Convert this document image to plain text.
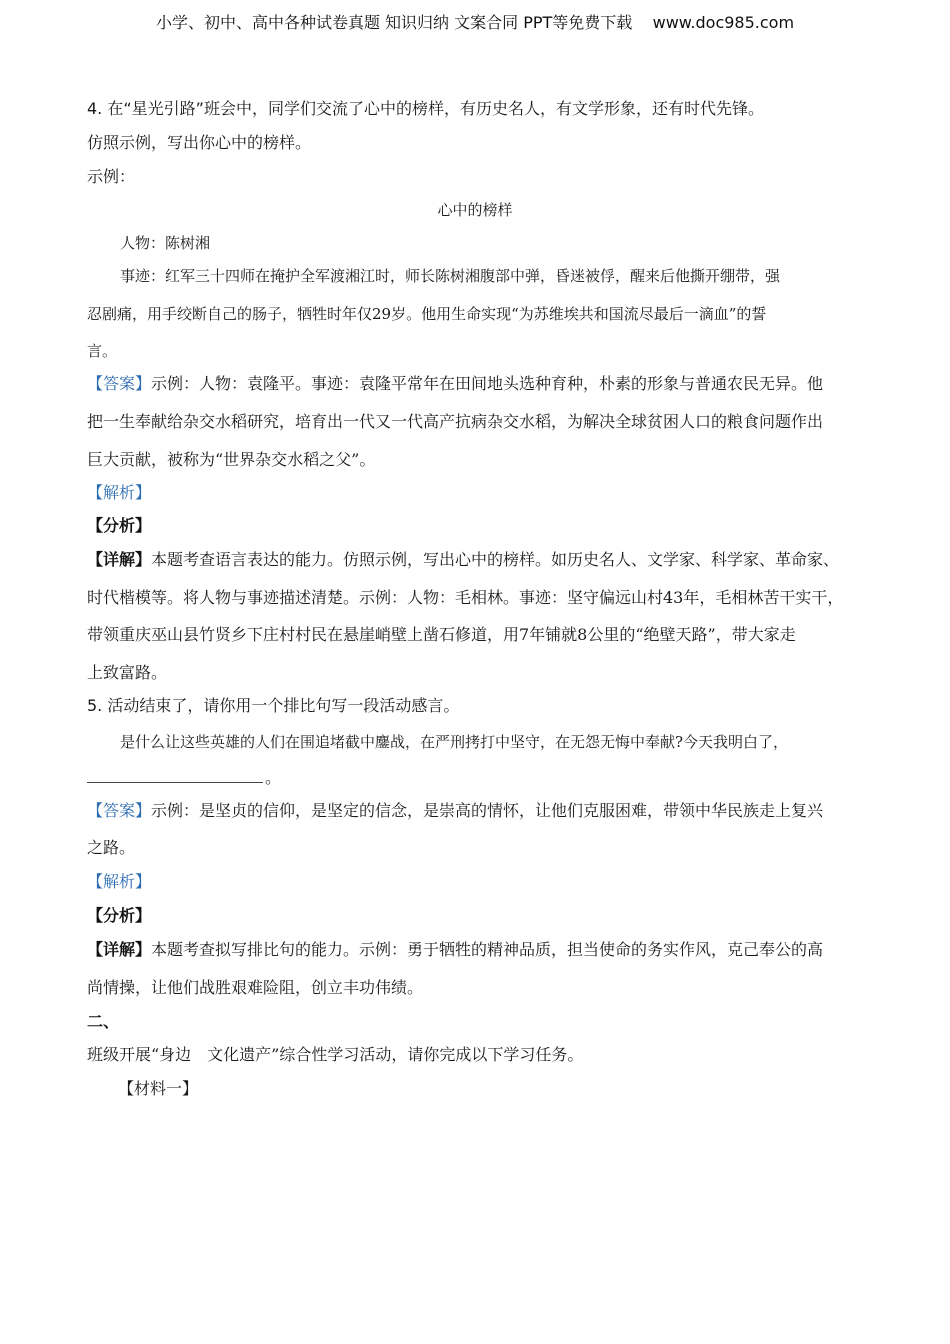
小学、初中、高中各种试卷真题 知识归纳 文案合同 PPT等免费下载 www.doc985.com
4. 在“星光引路”班会中，同学们交流了心中的榜样，有历史名人，有文学形象，还有时代先锋。
仿照示例，写出你心中的榜样。
示例：
心中的榜样
人物：陈树湘
事迹：红军三十四师在掩护全军渡湘江时，师长陈树湘腹部中弹，昏迷被俘，醒来后他撕开绷带，强
忍剧痛，用手绞断自己的肠子，牺牲时年仅29岁。他用生命实现“为苏维埃共和国流尽最后一滴血”的誓
言。
【答案】示例：人物：袁隆平。事迹：袁隆平常年在田间地头选种育种，朴素的形象与普通农民无异。他
把一生奉献给杂交水稻研究，培育出一代又一代高产抗病杂交水稻，为解决全球贫困人口的粮食问题作出
巨大贡献，被称为“世界杂交水稻之父”。
【解析】
【分析】
【详解】本题考查语言表达的能力。仿照示例，写出心中的榜样。如历史名人、文学家、科学家、革命家、
时代楷模等。将人物与事迹描述清楚。示例：人物：毛相林。事迹：坚守偏远山村43年，毛相林苦干实干，
带领重庆巫山县竹贤乡下庄村村民在悬崖峭壁上凿石修道，用7年铺就8公里的“绝壁天路”，带大家走
上致富路。
5. 活动结束了，请你用一个排比句写一段活动感言。
是什么让这些英雄的人们在围追堵截中鏖战，在严刑拷打中坚守，在无怨无悔中奉献?今天我明白了，
。
【答案】示例：是坚贞的信仰，是坚定的信念，是崇高的情怀，让他们克服困难，带领中华民族走上复兴
之路。
【解析】
【分析】
【详解】本题考查拟写排比句的能力。示例：勇于牺牲的精神品质，担当使命的务实作风，克己奉公的高
尚情操，让他们战胜艰难险阻，创立丰功伟绩。
二、
班级开展“身边　文化遗产”综合性学习活动，请你完成以下学习任务。
【材料一】
